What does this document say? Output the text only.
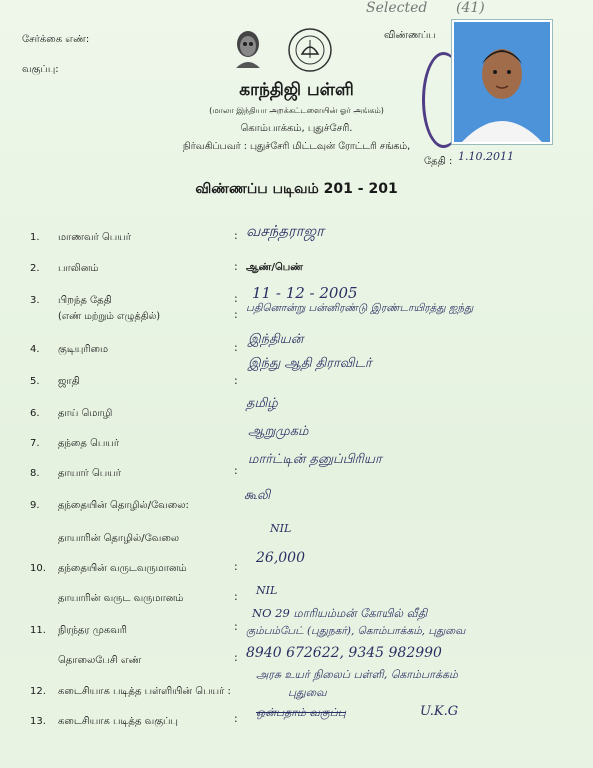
Selected (41)
சேர்க்கை எண்:
வகுப்பு:
விண்ணப்ப
காந்திஜி பள்ளி
(மாலா இந்தியா அறக்கட்டளையின் ஓர் அங்கம்)
கொம்பாக்கம், புதுச்சேரி.
நிர்வகிப்பவர் : புதுச்சேரி மிட்டவுன் ரோட்டரி சங்கம்,
தேதி : 1.10.2011
விண்ணப்ப படிவம் 201 - 201
1. மாணவர் பெயர்	: வசந்தராஜா
2. பாலினம்	: ஆண்/பெண்
3. பிறந்த தேதி
(எண் மற்றும் எழுத்தில்)
: 11 - 12 - 2005
: பதினொன்று பன்னிரண்டு இரண்டாயிரத்து ஐந்து
4. குடியுரிமை	:
இந்தியன்
5. ஜாதி	:
இந்து ஆதி திராவிடர்
6. தாய் மொழி
தமிழ்
7. தந்தை பெயர்
ஆறுமுகம்
8. தாயார் பெயர்	:
மார்ட்டின் தனுப்பிரியா
9. தந்தையின் தொழில்/வேலை:
கூலி
தாயாரின் தொழில்/வேலை
NIL
10. தந்தையின் வருடவருமானம்	:
26,000
தாயாரின் வருட வருமானம்	: NIL
11. நிரந்தர முகவரி	:
NO 29 மாரியம்மன் கோயில் வீதி
கும்பம்பேட் (புதுநகர்), கொம்பாக்கம், புதுவை
தொலைபேசி எண்	: 8940 672622, 9345 982990
12. கடைசியாக படித்த பள்ளியின் பெயர் :
அரசு உயர் நிலைப் பள்ளி, கொம்பாக்கம்
புதுவை
13. கடைசியாக படித்த வகுப்பு	: ஒன்பதாம் வகுப்பு	U.K.G
